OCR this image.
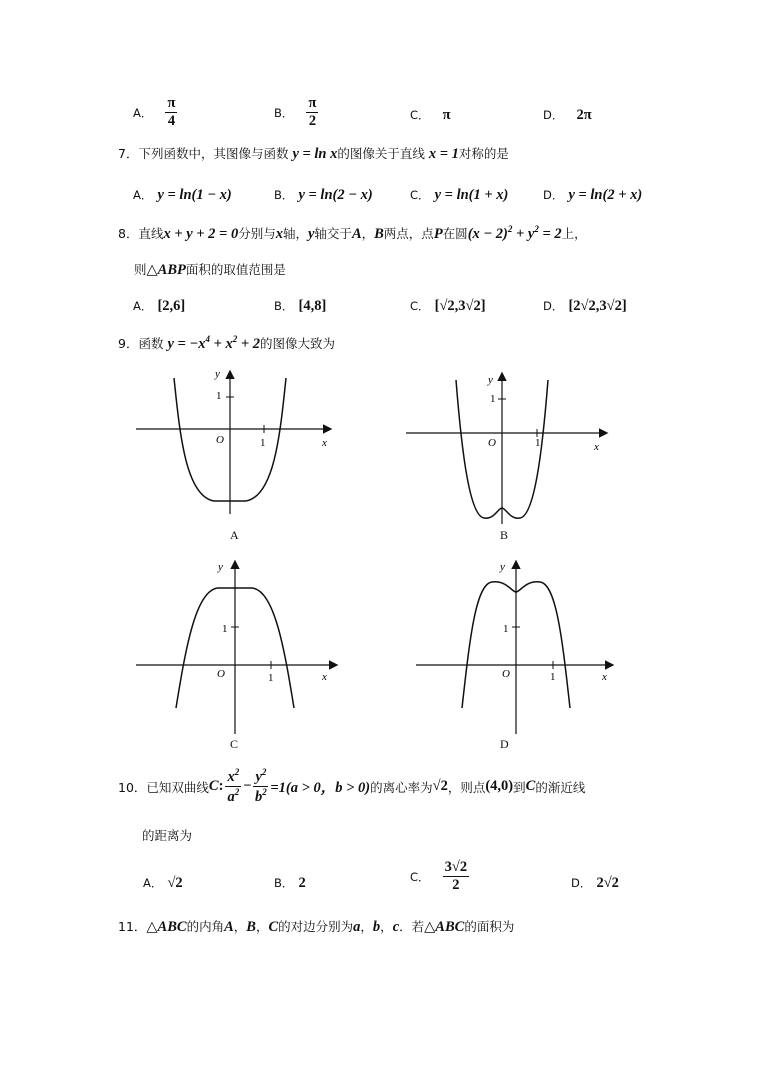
A． $\frac{\pi}{4}$	B． $\frac{\pi}{2}$	C． π	D． 2π
7．下列函数中，其图像与函数 y = ln x的图像关于直线 x = 1对称的是
A． y = ln(1 − x)	B． y = ln(2 − x)	C． y = ln(1 + x)	D． y = ln(2 + x)
8．直线x + y + 2 = 0分别与x轴，y轴交于A，B两点，点P在圆$(x - 2)^2 + y^2 = 2$上，
则△ABP面积的取值范围是
A． [2,6]	B． [4,8]	C． [√2,3√2]	D． [2√2,3√2]
9．函数 $y = -x^4 + x^2 + 2$的图像大致为
y
1
O	1	x
A
y
1
O	1	x
B
y
1
O	1	x
C
y
1
O	1	x
D
10． 已知双曲线 C : $\frac{x^2}{a^2} - \frac{y^2}{b^2} =1(a > 0$，b > 0) 的离心率为 √2 ，则点 (4,0) 到 C 的渐近线
的距离为
A． √2	B． 2	C． $\frac{3√2}{2}$	D． 2√2
11．△ABC的内角A，B，C的对边分别为a，b，c．若△ABC的面积为
